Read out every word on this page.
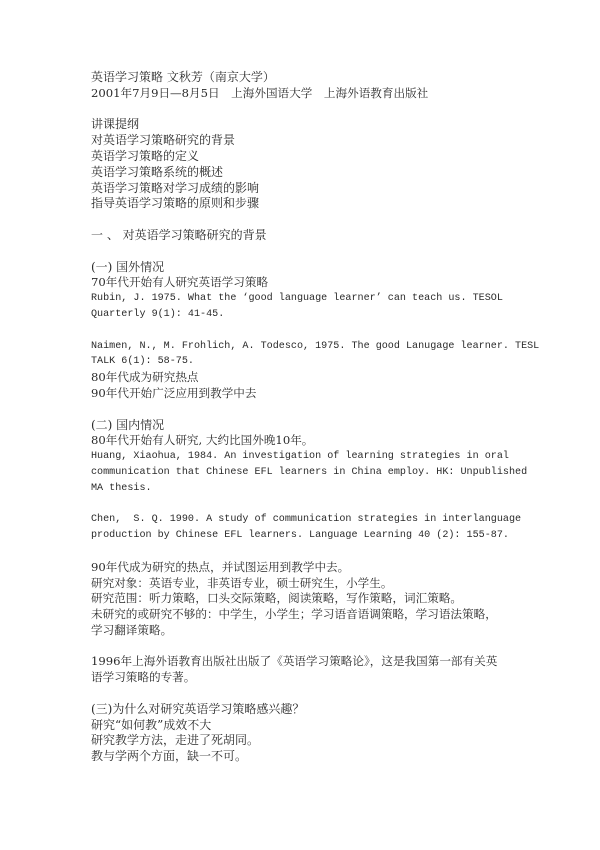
英语学习策略 文秋芳（南京大学）
2001年7月9日—8月5日　上海外国语大学　上海外语教育出版社
讲课提纲
对英语学习策略研究的背景
英语学习策略的定义
英语学习策略系统的概述
英语学习策略对学习成绩的影响
指导英语学习策略的原则和步骤
一 、 对英语学习策略研究的背景
(一) 国外情况
70年代开始有人研究英语学习策略
Rubin, J. 1975. What the ‘good language learner’ can teach us. TESOL
Quarterly 9(1): 41-45.
Naimen, N., M. Frohlich, A. Todesco, 1975. The good Lanugage learner. TESL
TALK 6(1): 58-75.
80年代成为研究热点
90年代开始广泛应用到教学中去
(二) 国内情况
80年代开始有人研究, 大约比国外晚10年。
Huang, Xiaohua, 1984. An investigation of learning strategies in oral
communication that Chinese EFL learners in China employ. HK: Unpublished
MA thesis.
Chen,  S. Q. 1990. A study of communication strategies in interlanguage
production by Chinese EFL learners. Language Learning 40 (2): 155-87.
90年代成为研究的热点，并试图运用到教学中去。
研究对象：英语专业，非英语专业，硕士研究生，小学生。
研究范围：听力策略，口头交际策略，阅读策略，写作策略，词汇策略。
未研究的或研究不够的：中学生，小学生；学习语音语调策略，学习语法策略，
学习翻译策略。
1996年上海外语教育出版社出版了《英语学习策略论》，这是我国第一部有关英
语学习策略的专著。
(三)为什么对研究英语学习策略感兴趣？
研究“如何教”成效不大
研究教学方法，走进了死胡同。
教与学两个方面，缺一不可。
